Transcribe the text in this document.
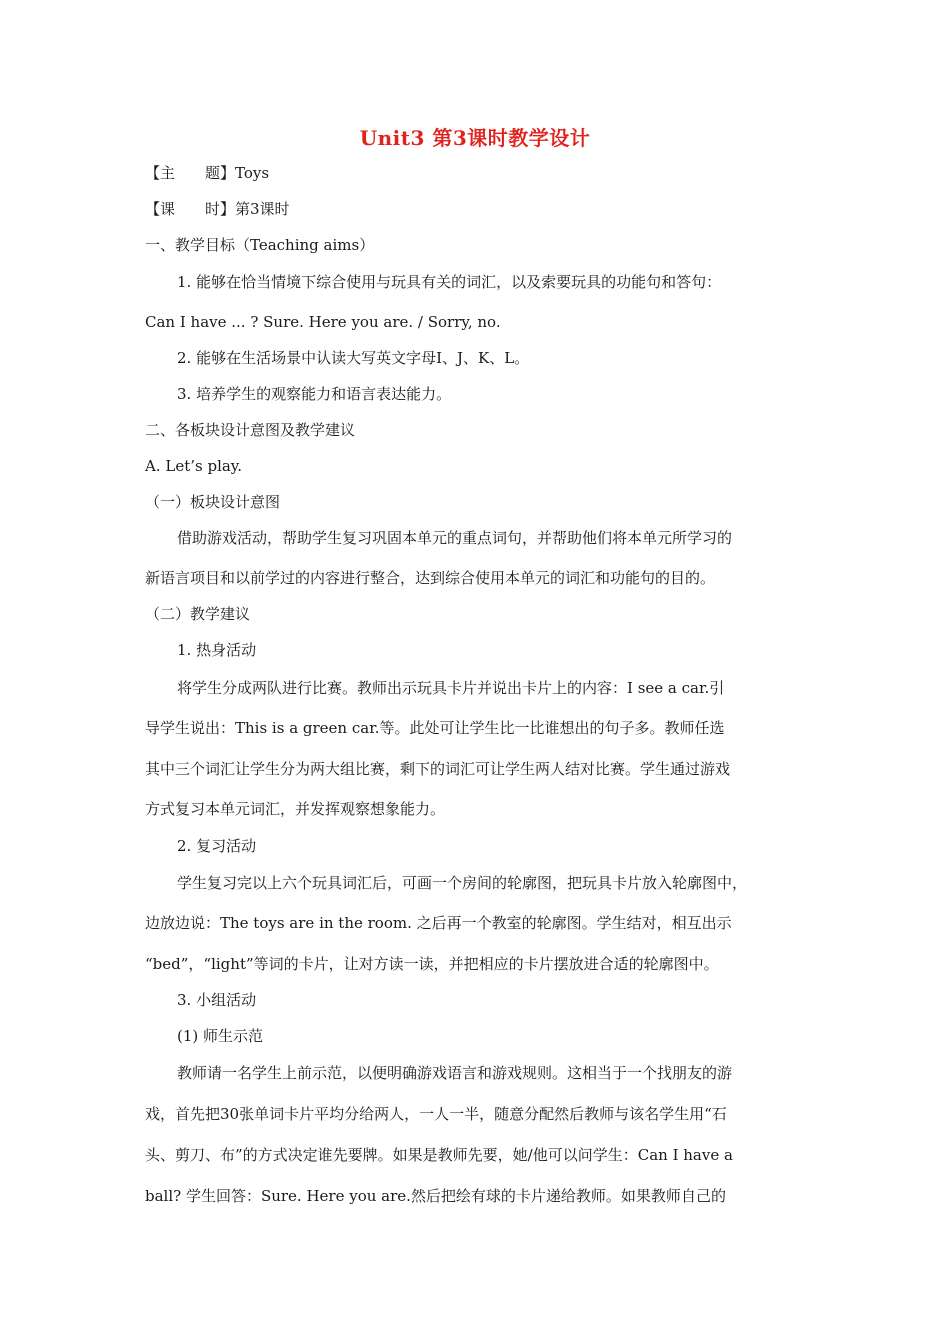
Unit3 第3课时教学设计
【主　　题】Toys
【课　　时】第3课时
一、教学目标（Teaching aims）
1. 能够在恰当情境下综合使用与玩具有关的词汇，以及索要玩具的功能句和答句：
Can I have ... ? Sure. Here you are. / Sorry, no.
2. 能够在生活场景中认读大写英文字母I、J、K、L。
3. 培养学生的观察能力和语言表达能力。
二、各板块设计意图及教学建议
A. Let’s play.
（一）板块设计意图
借助游戏活动，帮助学生复习巩固本单元的重点词句，并帮助他们将本单元所学习的
新语言项目和以前学过的内容进行整合，达到综合使用本单元的词汇和功能句的目的。
（二）教学建议
1. 热身活动
将学生分成两队进行比赛。教师出示玩具卡片并说出卡片上的内容：I see a car.引
导学生说出：This is a green car.等。此处可让学生比一比谁想出的句子多。教师任选
其中三个词汇让学生分为两大组比赛，剩下的词汇可让学生两人结对比赛。学生通过游戏
方式复习本单元词汇，并发挥观察想象能力。
2. 复习活动
学生复习完以上六个玩具词汇后，可画一个房间的轮廓图，把玩具卡片放入轮廓图中，
边放边说：The toys are in the room. 之后再一个教室的轮廓图。学生结对，相互出示
“bed”，“light”等词的卡片，让对方读一读，并把相应的卡片摆放进合适的轮廓图中。
3. 小组活动
(1) 师生示范
教师请一名学生上前示范，以便明确游戏语言和游戏规则。这相当于一个找朋友的游
戏，首先把30张单词卡片平均分给两人，一人一半，随意分配然后教师与该名学生用“石
头、剪刀、布”的方式决定谁先要牌。如果是教师先要，她/他可以问学生：Can I have a
ball? 学生回答：Sure. Here you are.然后把绘有球的卡片递给教师。如果教师自己的
